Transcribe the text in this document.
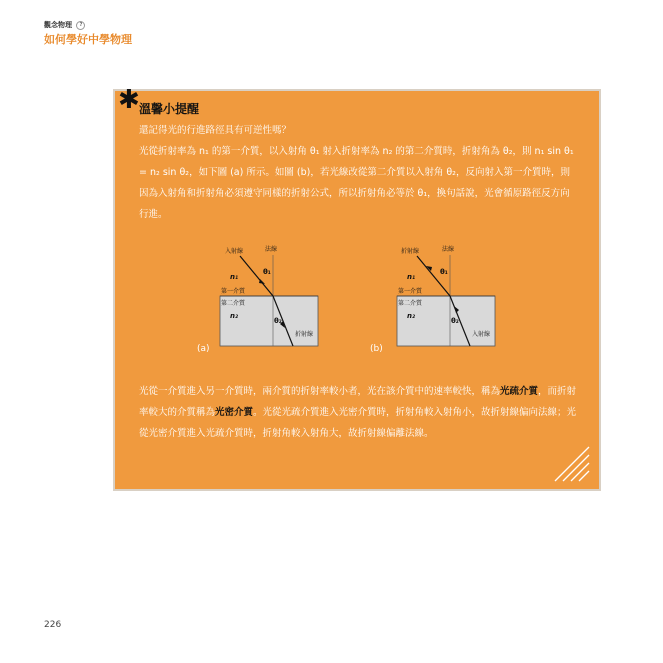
觀念物理 ?
如何學好中學物理
✱ 溫馨小提醒

還記得光的行進路徑具有可逆性嗎？

光從折射率為 n₁ 的第一介質，以入射角 θ₁ 射入折射率為 n₂ 的第二介質時，折射角為 θ₂，則 n₁ sin θ₁ = n₂ sin θ₂，如下圖 (a) 所示。如圖 (b)，若光線改從第二介質以入射角 θ₂，反向射入第一介質時，則因為入射角和折射角必須遵守同樣的折射公式，所以折射角必等於 θ₁，換句話說，光會循原路徑反方向行進。

入射線	法線
n₁
θ₁
第一介質
第二介質
n₂
θ₂
折射線
(a)
折射線	法線
n₁
θ₁
第一介質
第二介質
n₂
θ₂
入射線
(b)

光從一介質進入另一介質時，兩介質的折射率較小者，光在該介質中的速率較快，稱為光疏介質，而折射率較大的介質稱為光密介質。光從光疏介質進入光密介質時，折射角較入射角小，故折射線偏向法線；光從光密介質進入光疏介質時，折射角較入射角大，故折射線偏離法線。

226
